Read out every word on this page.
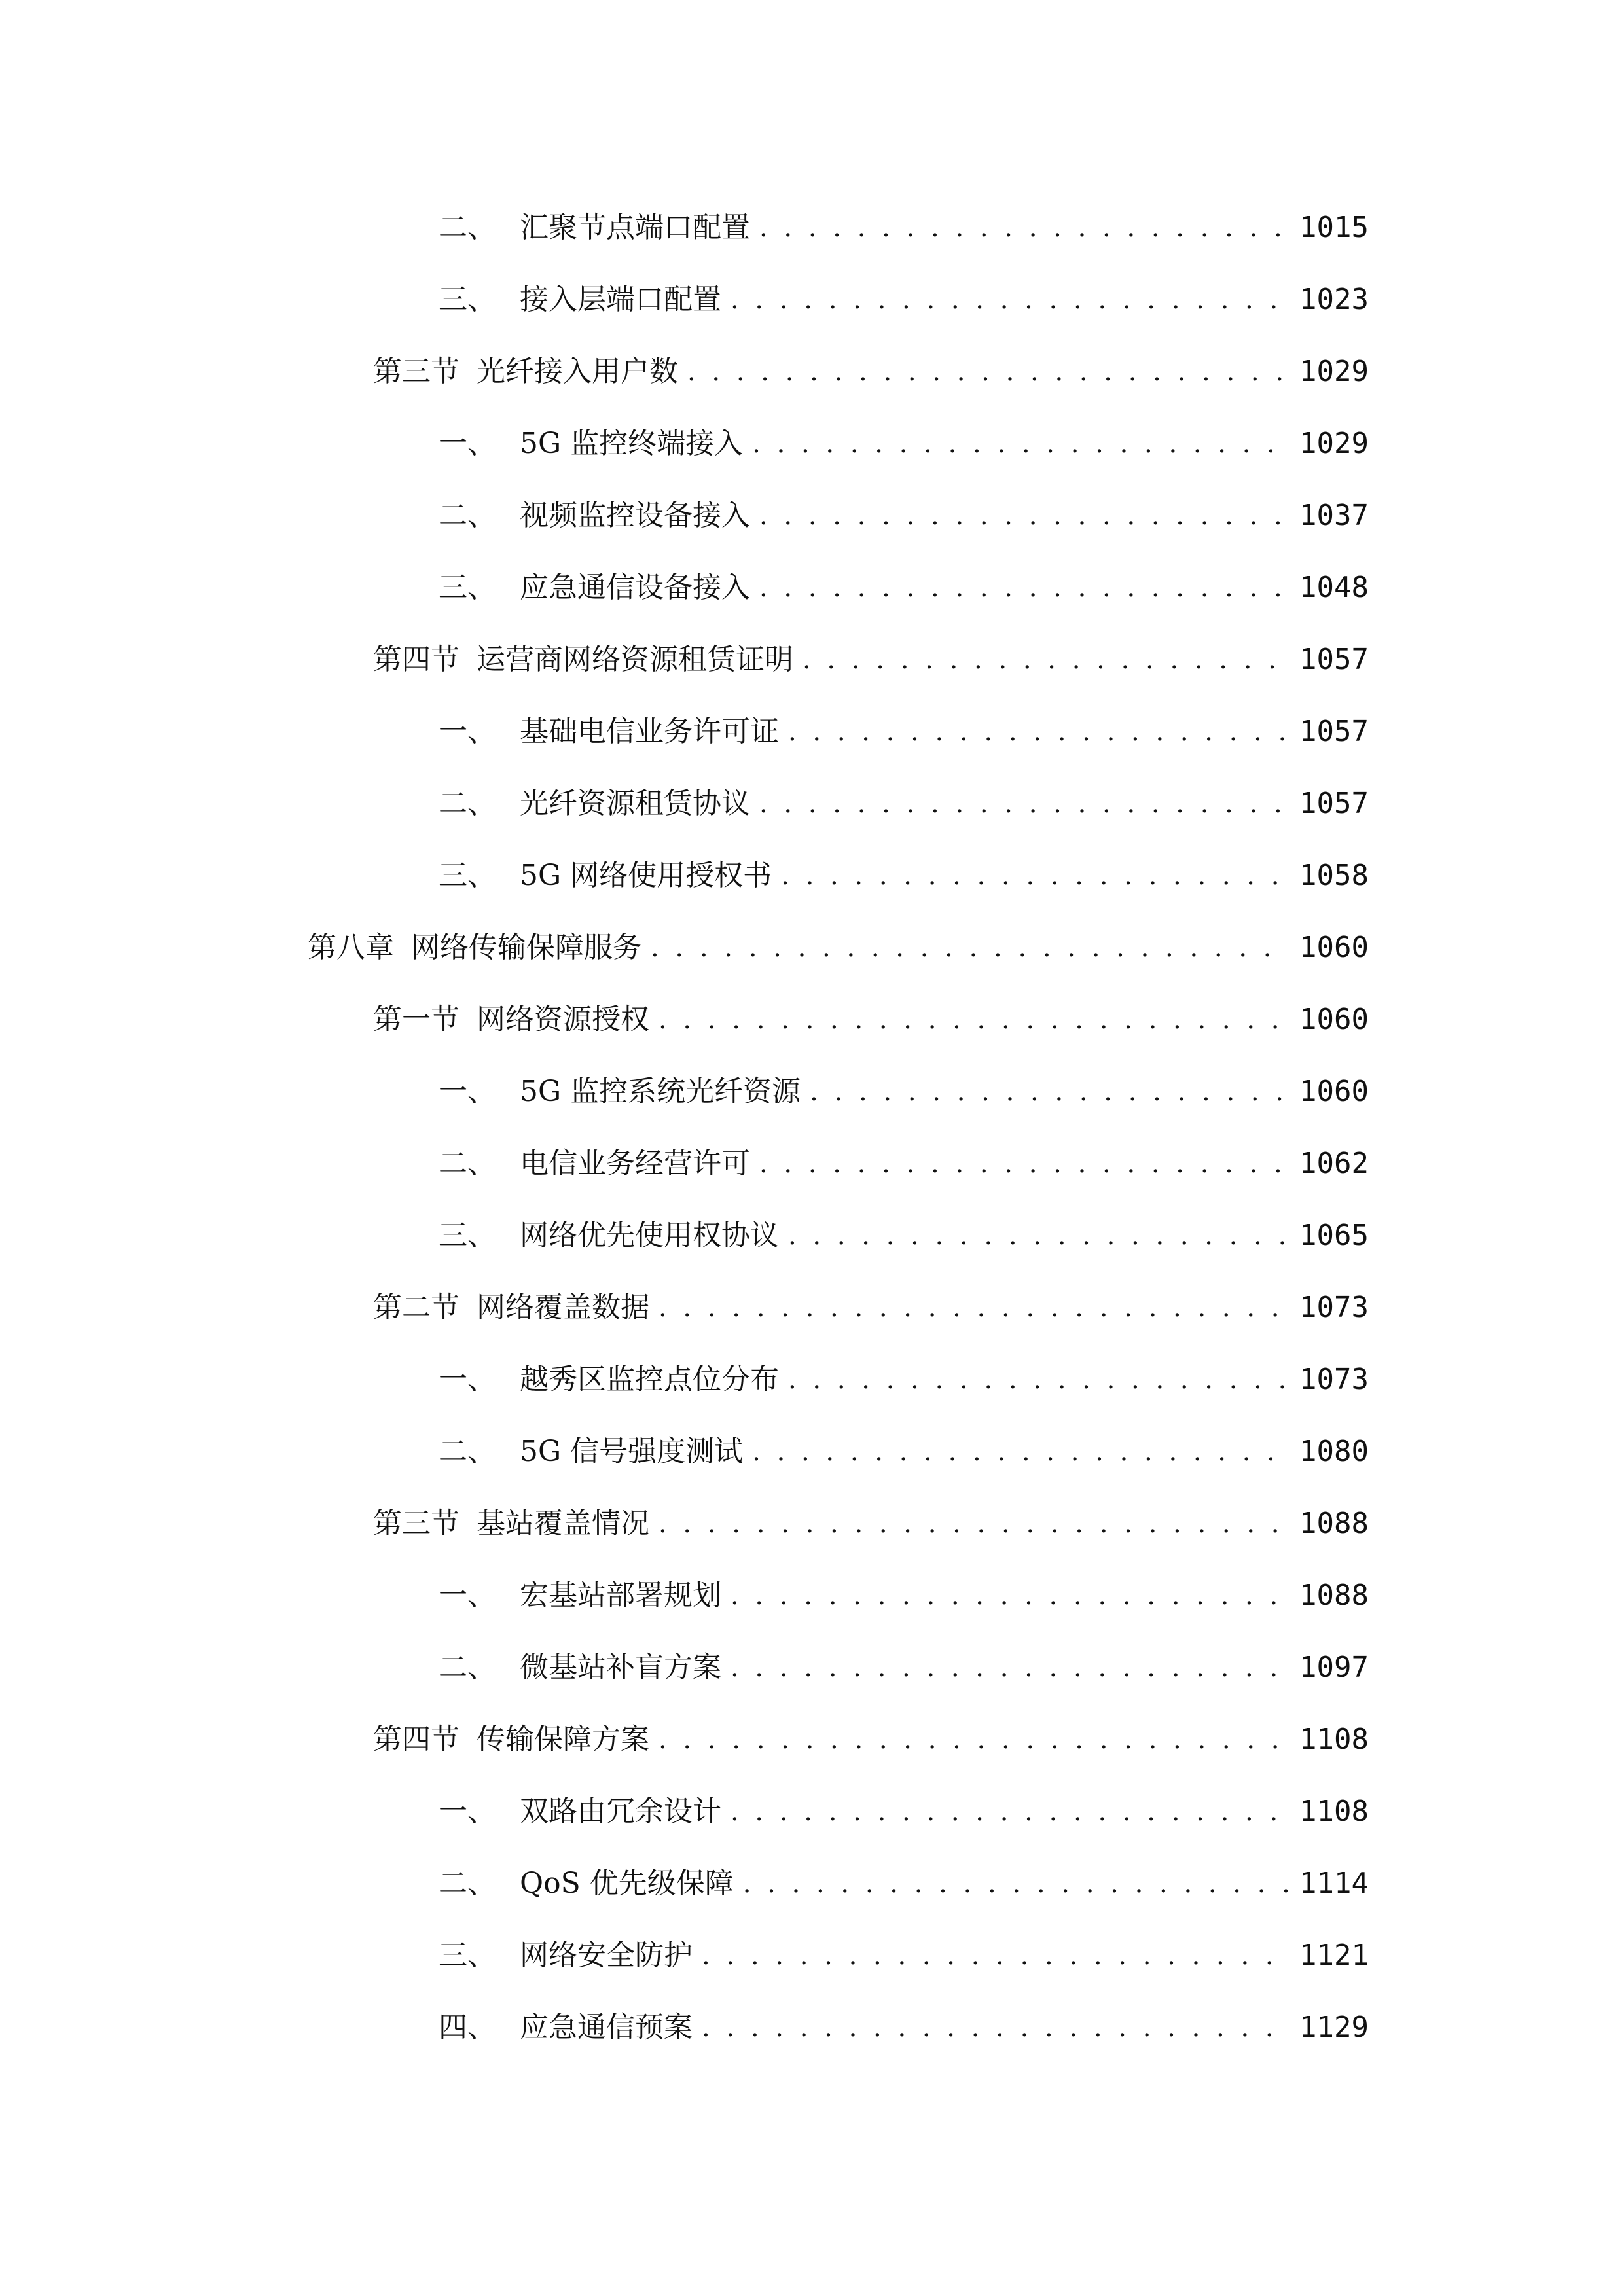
二、 汇聚节点端口配置 . . .	1015
三、 接入层端口配置 . . .	1023
第三节 光纤接入用户数 . . .	1029
一、 5G 监控终端接入 . . .	1029
二、 视频监控设备接入 . . .	1037
三、 应急通信设备接入 . . .	1048
第四节 运营商网络资源租赁证明 . . .	1057
一、 基础电信业务许可证 . . .	1057
二、 光纤资源租赁协议 . . .	1057
三、 5G 网络使用授权书 . . .	1058
第八章 网络传输保障服务 . . .	1060
第一节 网络资源授权 . . .	1060
一、 5G 监控系统光纤资源 . . .	1060
二、 电信业务经营许可 . . .	1062
三、 网络优先使用权协议 . . .	1065
第二节 网络覆盖数据 . . .	1073
一、 越秀区监控点位分布 . . .	1073
二、 5G 信号强度测试 . . .	1080
第三节 基站覆盖情况 . . .	1088
一、 宏基站部署规划 . . .	1088
二、 微基站补盲方案 . . .	1097
第四节 传输保障方案 . . .	1108
一、 双路由冗余设计 . . .	1108
二、 QoS 优先级保障 . . .	1114
三、 网络安全防护 . . .	1121
四、 应急通信预案 . . .	1129
